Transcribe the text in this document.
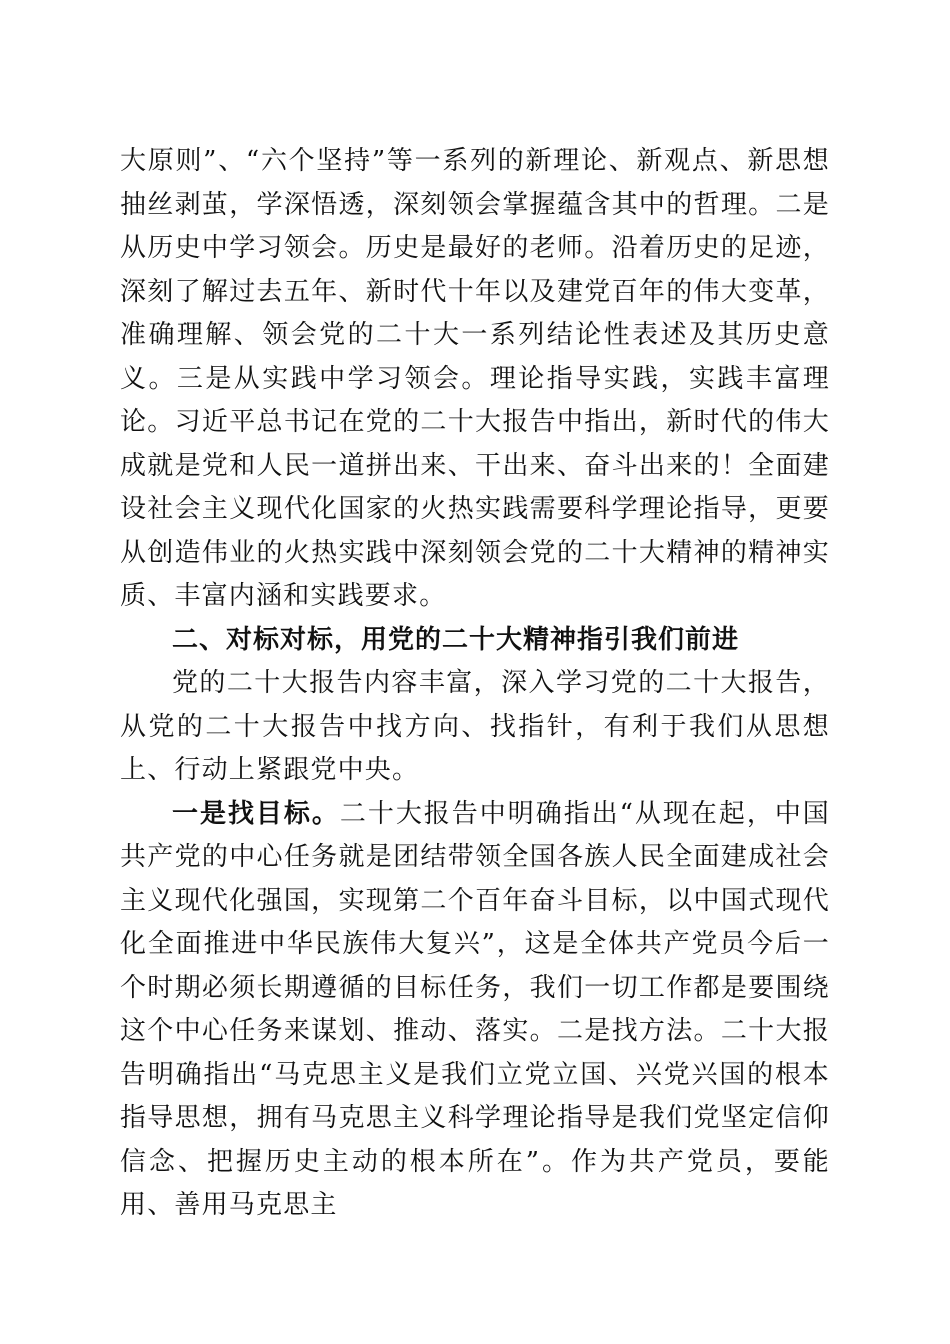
大原则”、“六个坚持”等一系列的新理论、新观点、新思想抽丝剥茧，学深悟透，深刻领会掌握蕴含其中的哲理。二是从历史中学习领会。历史是最好的老师。沿着历史的足迹，深刻了解过去五年、新时代十年以及建党百年的伟大变革，准确理解、领会党的二十大一系列结论性表述及其历史意义。三是从实践中学习领会。理论指导实践，实践丰富理论。习近平总书记在党的二十大报告中指出，新时代的伟大成就是党和人民一道拼出来、干出来、奋斗出来的！全面建设社会主义现代化国家的火热实践需要科学理论指导，更要从创造伟业的火热实践中深刻领会党的二十大精神的精神实质、丰富内涵和实践要求。

二、对标对标，用党的二十大精神指引我们前进

党的二十大报告内容丰富，深入学习党的二十大报告，从党的二十大报告中找方向、找指针，有利于我们从思想上、行动上紧跟党中央。

一是找目标。二十大报告中明确指出“从现在起，中国共产党的中心任务就是团结带领全国各族人民全面建成社会主义现代化强国，实现第二个百年奋斗目标，以中国式现代化全面推进中华民族伟大复兴”，这是全体共产党员今后一个时期必须长期遵循的目标任务，我们一切工作都是要围绕这个中心任务来谋划、推动、落实。二是找方法。二十大报告明确指出“马克思主义是我们立党立国、兴党兴国的根本指导思想，拥有马克思主义科学理论指导是我们党坚定信仰信念、把握历史主动的根本所在”。作为共产党员，要能用、善用马克思主
